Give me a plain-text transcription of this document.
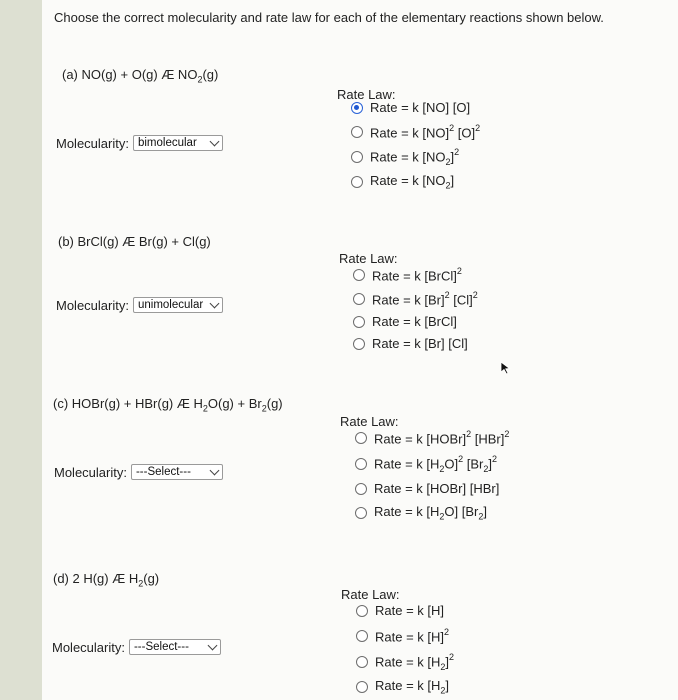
Choose the correct molecularity and rate law for each of the elementary reactions shown below.
(a) NO(g) + O(g) Æ $NO_2(g)$
Molecularity: bimolecular
Rate Law:
Rate = k [NO] [O]
Rate = k [NO]$^2$ $[O]^2$
Rate = k $[NO_2]^2$
Rate = k $[NO_2]$
(b) BrCl(g) Æ Br(g) + Cl(g)
Molecularity: unimolecular
Rate Law:
Rate = k [BrCl]$^2$
Rate = k $[Br]^2$ $[Cl]^2$
Rate = k [BrCl]
Rate = k [Br] [Cl]
(c) HOBr(g) + HBr(g) Æ $H_2O(g) + Br_2(g)$
Molecularity: ---Select---
Rate Law:
Rate = k [HOBr]$^2$ [HBr]$^2$
Rate = k $[H_2O]^2$ $[Br_2]^2$
Rate = k [HOBr] [HBr]
Rate = k $[H_2O]$ $[Br_2]$
(d) 2 H(g) Æ $H_2(g)$
Molecularity: ---Select---
Rate Law:
Rate = k [H]
Rate = k $[H]^2$
Rate = k $[H_2]^2$
Rate = k $[H_2]$
